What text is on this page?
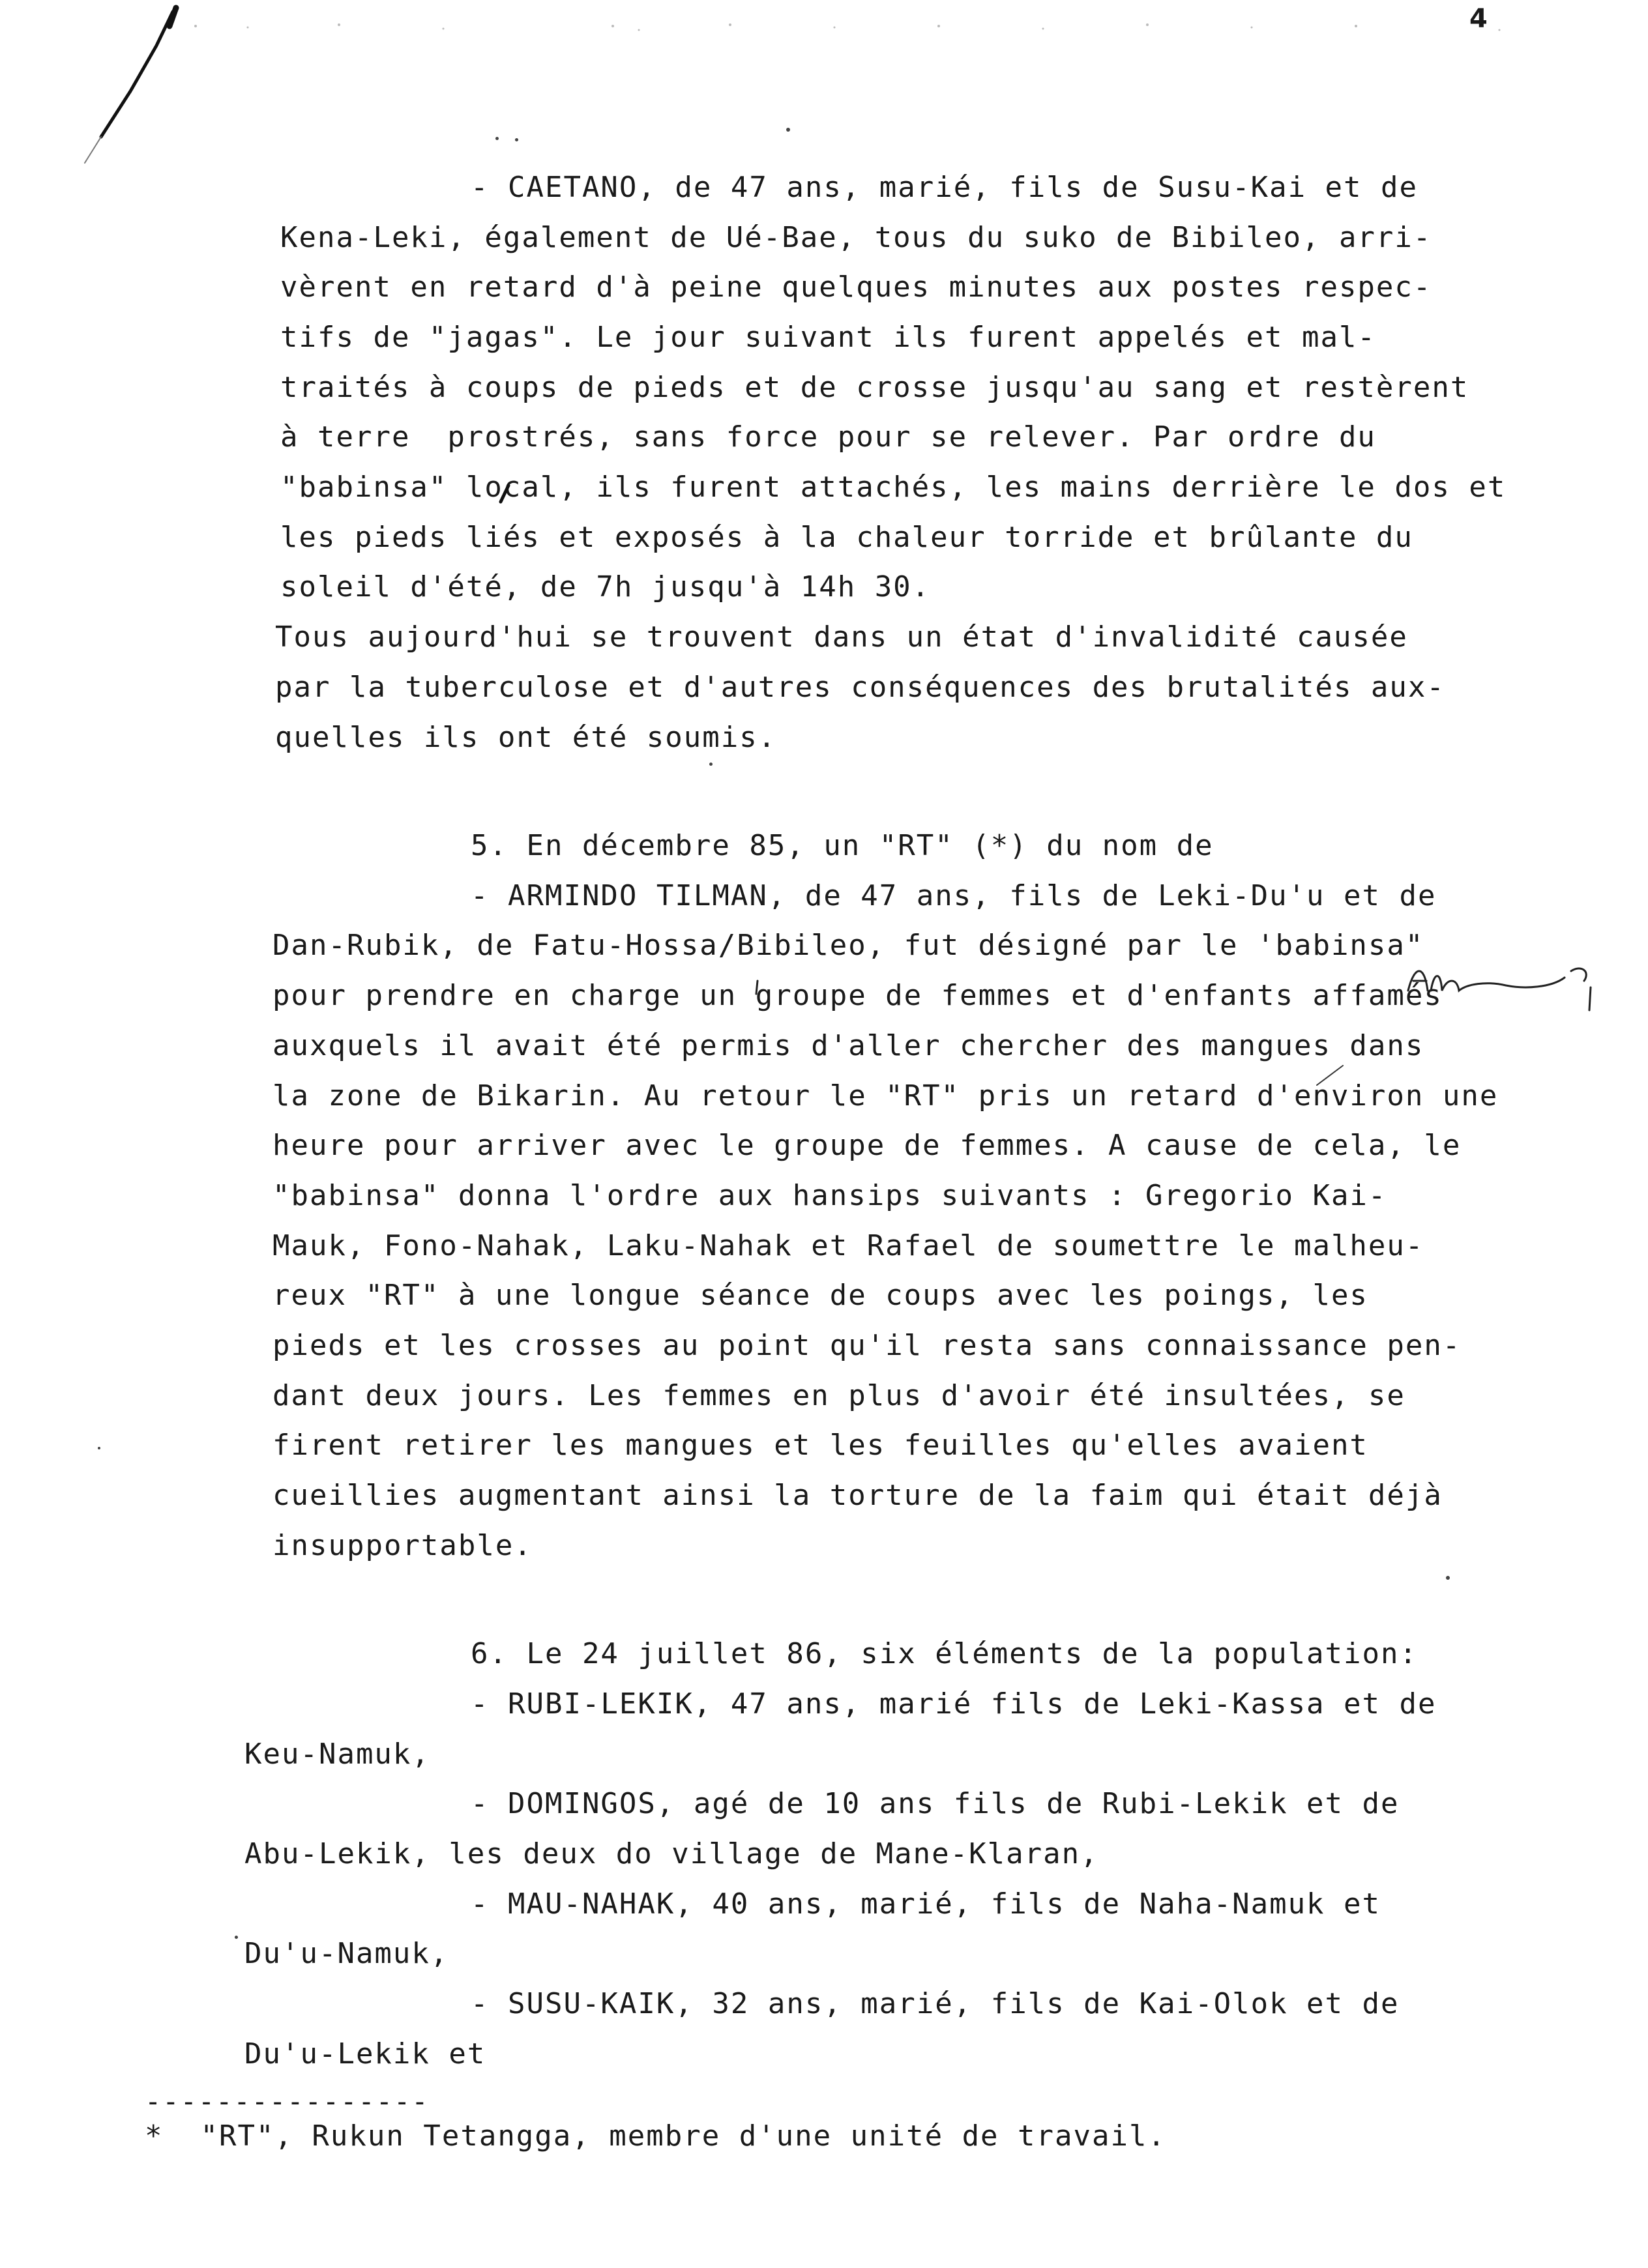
4
- CAETANO, de 47 ans, marié, fils de Susu-Kai et de
Kena-Leki, également de Ué-Bae, tous du suko de Bibileo, arri-
vèrent en retard d'à peine quelques minutes aux postes respec-
tifs de "jagas". Le jour suivant ils furent appelés et mal-
traités à coups de pieds et de crosse jusqu'au sang et restèrent
à terre  prostrés, sans force pour se relever. Par ordre du
"babinsa" local, ils furent attachés, les mains derrière le dos et
les pieds liés et exposés à la chaleur torride et brûlante du
soleil d'été, de 7h jusqu'à 14h 30.
Tous aujourd'hui se trouvent dans un état d'invalidité causée
par la tuberculose et d'autres conséquences des brutalités aux-
quelles ils ont été soumis.
5. En décembre 85, un "RT" (*) du nom de
- ARMINDO TILMAN, de 47 ans, fils de Leki-Du'u et de
Dan-Rubik, de Fatu-Hossa/Bibileo, fut désigné par le 'babinsa"
pour prendre en charge un groupe de femmes et d'enfants affamés
auxquels il avait été permis d'aller chercher des mangues dans
la zone de Bikarin. Au retour le "RT" pris un retard d'environ une
heure pour arriver avec le groupe de femmes. A cause de cela, le
"babinsa" donna l'ordre aux hansips suivants : Gregorio Kai-
Mauk, Fono-Nahak, Laku-Nahak et Rafael de soumettre le malheu-
reux "RT" à une longue séance de coups avec les poings, les
pieds et les crosses au point qu'il resta sans connaissance pen-
dant deux jours. Les femmes en plus d'avoir été insultées, se
firent retirer les mangues et les feuilles qu'elles avaient
cueillies augmentant ainsi la torture de la faim qui était déjà
insupportable.
6. Le 24 juillet 86, six éléments de la population:
- RUBI-LEKIK, 47 ans, marié fils de Leki-Kassa et de
Keu-Namuk,
- DOMINGOS, agé de 10 ans fils de Rubi-Lekik et de
Abu-Lekik, les deux do village de Mane-Klaran,
- MAU-NAHAK, 40 ans, marié, fils de Naha-Namuk et
Du'u-Namuk,
- SUSU-KAIK, 32 ans, marié, fils de Kai-Olok et de
Du'u-Lekik et
----------------
*  "RT", Rukun Tetangga, membre d'une unité de travail.
